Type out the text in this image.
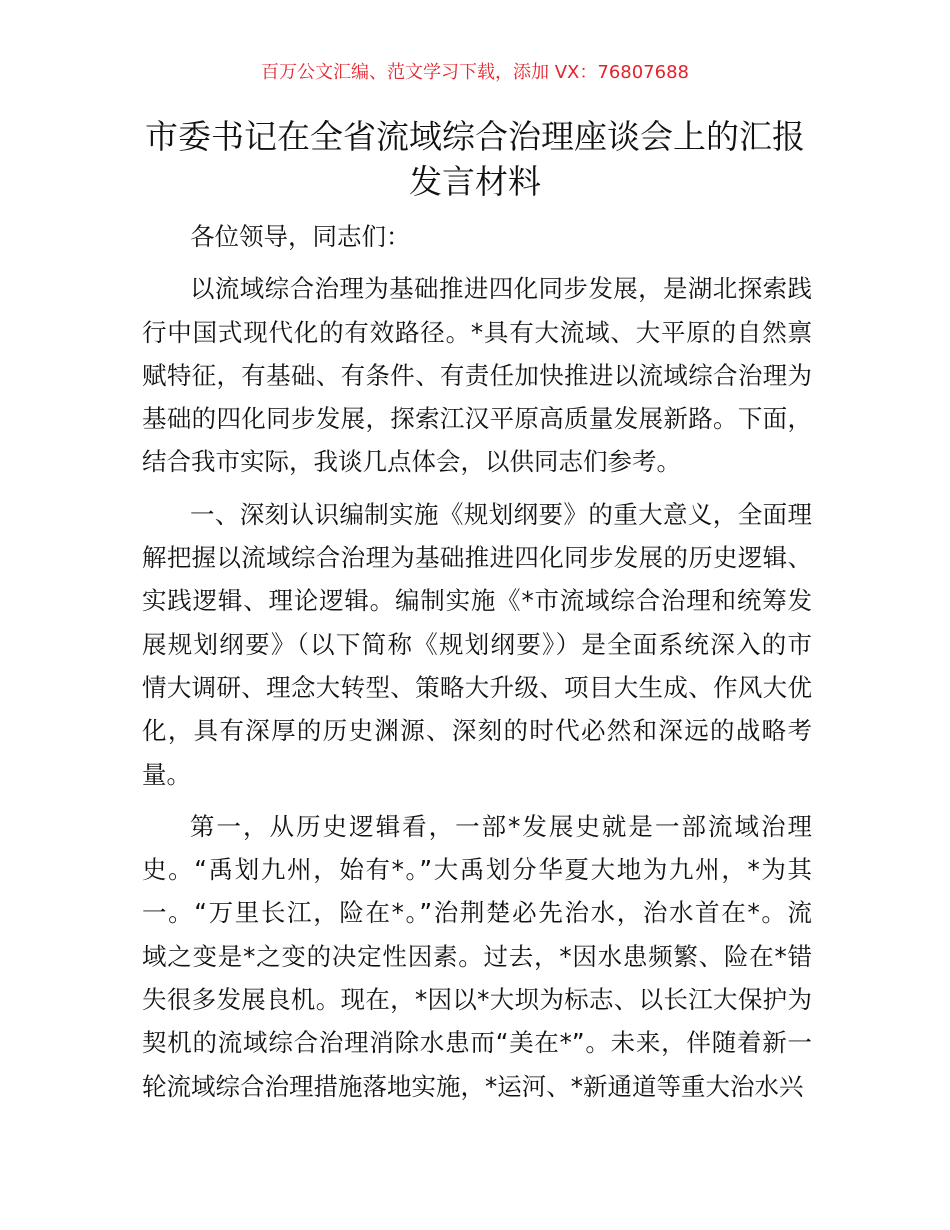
百万公文汇编、范文学习下载，添加 VX：76807688
市委书记在全省流域综合治理座谈会上的汇报
发言材料
各位领导，同志们：
以流域综合治理为基础推进四化同步发展，是湖北探索践
行中国式现代化的有效路径。*具有大流域、大平原的自然禀
赋特征，有基础、有条件、有责任加快推进以流域综合治理为
基础的四化同步发展，探索江汉平原高质量发展新路。下面，
结合我市实际，我谈几点体会，以供同志们参考。
一、深刻认识编制实施《规划纲要》的重大意义，全面理
解把握以流域综合治理为基础推进四化同步发展的历史逻辑、
实践逻辑、理论逻辑。编制实施《*市流域综合治理和统筹发
展规划纲要》（以下简称《规划纲要》）是全面系统深入的市
情大调研、理念大转型、策略大升级、项目大生成、作风大优
化，具有深厚的历史渊源、深刻的时代必然和深远的战略考
量。
第一，从历史逻辑看，一部*发展史就是一部流域治理
史。“禹划九州，始有*。”大禹划分华夏大地为九州，*为其
一。“万里长江，险在*。”治荆楚必先治水，治水首在*。流
域之变是*之变的决定性因素。过去，*因水患频繁、险在*错
失很多发展良机。现在，*因以*大坝为标志、以长江大保护为
契机的流域综合治理消除水患而“美在*”。未来，伴随着新一
轮流域综合治理措施落地实施，*运河、*新通道等重大治水兴
